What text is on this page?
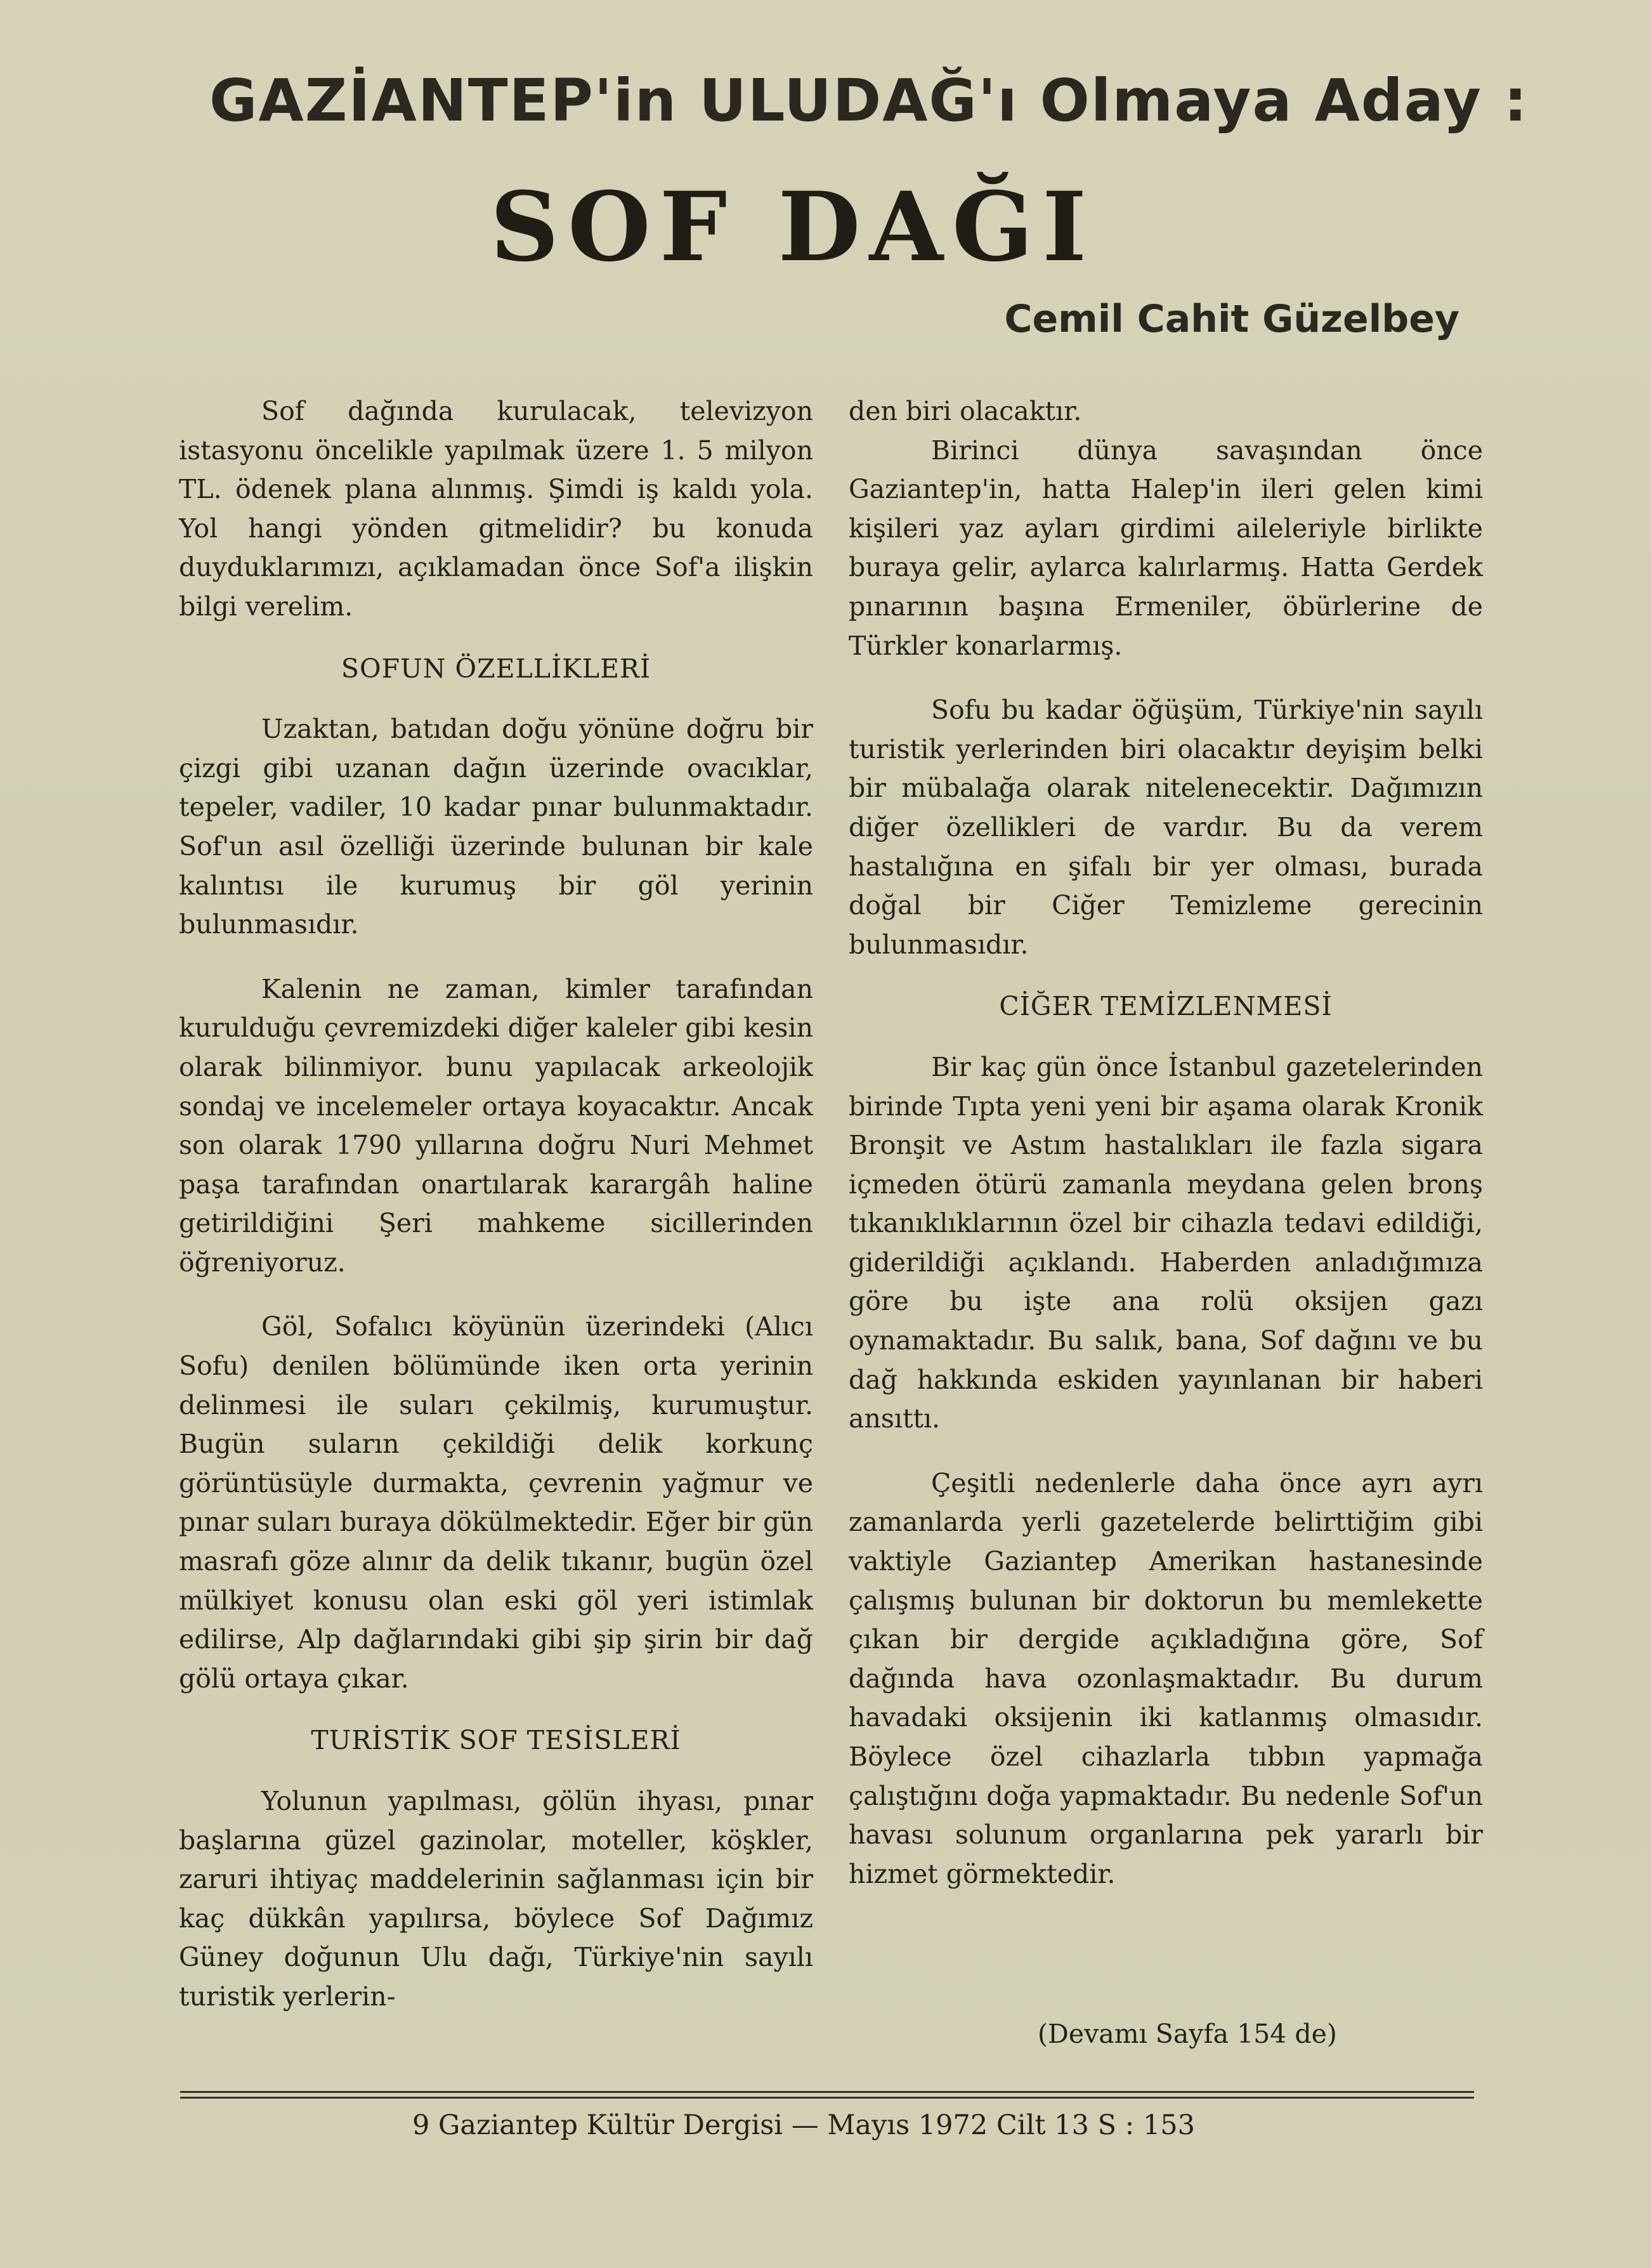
GAZİANTEP'in ULUDAĞ'ı Olmaya Aday :
SOF DAĞI
Cemil Cahit Güzelbey

Sof dağında kurulacak, televizyon istasyonu öncelikle yapılmak üzere 1. 5 milyon TL. ödenek plana alınmış. Şimdi iş kaldı yola. Yol hangi yönden gitmelidir? bu konuda duyduklarımızı, açıklamadan önce Sof'a ilişkin bilgi verelim.

SOFUN ÖZELLİKLERİ

Uzaktan, batıdan doğu yönüne doğru bir çizgi gibi uzanan dağın üzerinde ovacıklar, tepeler, vadiler, 10 kadar pınar bulunmaktadır. Sof'un asıl özelliği üzerinde bulunan bir kale kalıntısı ile kurumuş bir göl yerinin bulunmasıdır.

Kalenin ne zaman, kimler tarafından kurulduğu çevremizdeki diğer kaleler gibi kesin olarak bilinmiyor. bunu yapılacak arkeolojik sondaj ve incelemeler ortaya koyacaktır. Ancak son olarak 1790 yıllarına doğru Nuri Mehmet paşa tarafından onartılarak karargâh haline getirildiğini Şeri mahkeme sicillerinden öğreniyoruz.

Göl, Sofalıcı köyünün üzerindeki (Alıcı Sofu) denilen bölümünde iken orta yerinin delinmesi ile suları çekilmiş, kurumuştur. Bugün suların çekildiği delik korkunç görüntüsüyle durmakta, çevrenin yağmur ve pınar suları buraya dökülmektedir. Eğer bir gün masrafı göze alınır da delik tıkanır, bugün özel mülkiyet konusu olan eski göl yeri istimlak edilirse, Alp dağlarındaki gibi şip şirin bir dağ gölü ortaya çıkar.

TURİSTİK SOF TESİSLERİ

Yolunun yapılması, gölün ihyası, pınar başlarına güzel gazinolar, moteller, köşkler, zaruri ihtiyaç maddelerinin sağlanması için bir kaç dükkân yapılırsa, böylece Sof Dağımız Güney doğunun Ulu dağı, Türkiye'nin sayılı turistik yerlerin-

den biri olacaktır.

Birinci dünya savaşından önce Gaziantep'in, hatta Halep'in ileri gelen kimi kişileri yaz ayları girdimi aileleriyle birlikte buraya gelir, aylarca kalırlarmış. Hatta Gerdek pınarının başına Ermeniler, öbürlerine de Türkler konarlarmış.

Sofu bu kadar öğüşüm, Türkiye'nin sayılı turistik yerlerinden biri olacaktır deyişim belki bir mübalağa olarak nitelenecektir. Dağımızın diğer özellikleri de vardır. Bu da verem hastalığına en şifalı bir yer olması, burada doğal bir Ciğer Temizleme gerecinin bulunmasıdır.

CİĞER TEMİZLENMESİ

Bir kaç gün önce İstanbul gazetelerinden birinde Tıpta yeni yeni bir aşama olarak Kronik Bronşit ve Astım hastalıkları ile fazla sigara içmeden ötürü zamanla meydana gelen bronş tıkanıklıklarının özel bir cihazla tedavi edildiği, giderildiği açıklandı. Haberden anladığımıza göre bu işte ana rolü oksijen gazı oynamaktadır. Bu salık, bana, Sof dağını ve bu dağ hakkında eskiden yayınlanan bir haberi ansıttı.

Çeşitli nedenlerle daha önce ayrı ayrı zamanlarda yerli gazetelerde belirttiğim gibi vaktiyle Gaziantep Amerikan hastanesinde çalışmış bulunan bir doktorun bu memlekette çıkan bir dergide açıkladığına göre, Sof dağında hava ozonlaşmaktadır. Bu durum havadaki oksijenin iki katlanmış olmasıdır. Böylece özel cihazlarla tıbbın yapmağa çalıştığını doğa yapmaktadır. Bu nedenle Sof'un havası solunum organlarına pek yararlı bir hizmet görmektedir.

(Devamı Sayfa 154 de)
9 Gaziantep Kültür Dergisi — Mayıs 1972 Cilt 13 S : 153
